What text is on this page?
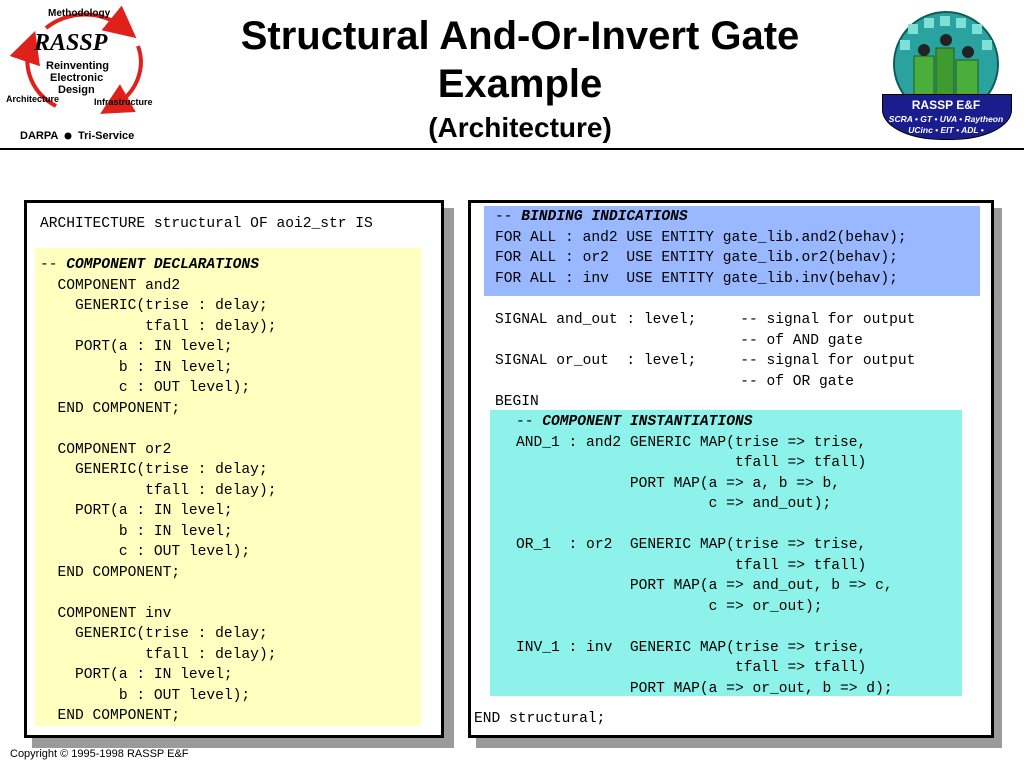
Methodology
RASSP
Reinventing
Electronic
Design
Architecture	Infrastructure
DARPA Tri-Service
RASSP E&F
SCRA • GT • UVA • Raytheon
UCinc • EIT • ADL •
Structural And-Or-Invert Gate
Example
(Architecture)
ARCHITECTURE structural OF aoi2_str IS
-- COMPONENT DECLARATIONS
COMPONENT and2
GENERIC(trise : delay;
tfall : delay);
PORT(a : IN level;
b : IN level;
c : OUT level);
END COMPONENT;

COMPONENT or2
GENERIC(trise : delay;
tfall : delay);
PORT(a : IN level;
b : IN level;
c : OUT level);
END COMPONENT;

COMPONENT inv
GENERIC(trise : delay;
tfall : delay);
PORT(a : IN level;
b : OUT level);
END COMPONENT;
-- BINDING INDICATIONS
FOR ALL : and2 USE ENTITY gate_lib.and2(behav);
FOR ALL : or2  USE ENTITY gate_lib.or2(behav);
FOR ALL : inv  USE ENTITY gate_lib.inv(behav);
SIGNAL and_out : level;     -- signal for output
-- of AND gate
SIGNAL or_out  : level;     -- signal for output
-- of OR gate
BEGIN
-- COMPONENT INSTANTIATIONS
AND_1 : and2 GENERIC MAP(trise => trise,
tfall => tfall)
PORT MAP(a => a, b => b,
c => and_out);

OR_1  : or2  GENERIC MAP(trise => trise,
tfall => tfall)
PORT MAP(a => and_out, b => c,
c => or_out);

INV_1 : inv  GENERIC MAP(trise => trise,
tfall => tfall)
PORT MAP(a => or_out, b => d);
END structural;
Copyright © 1995-1998 RASSP E&F
